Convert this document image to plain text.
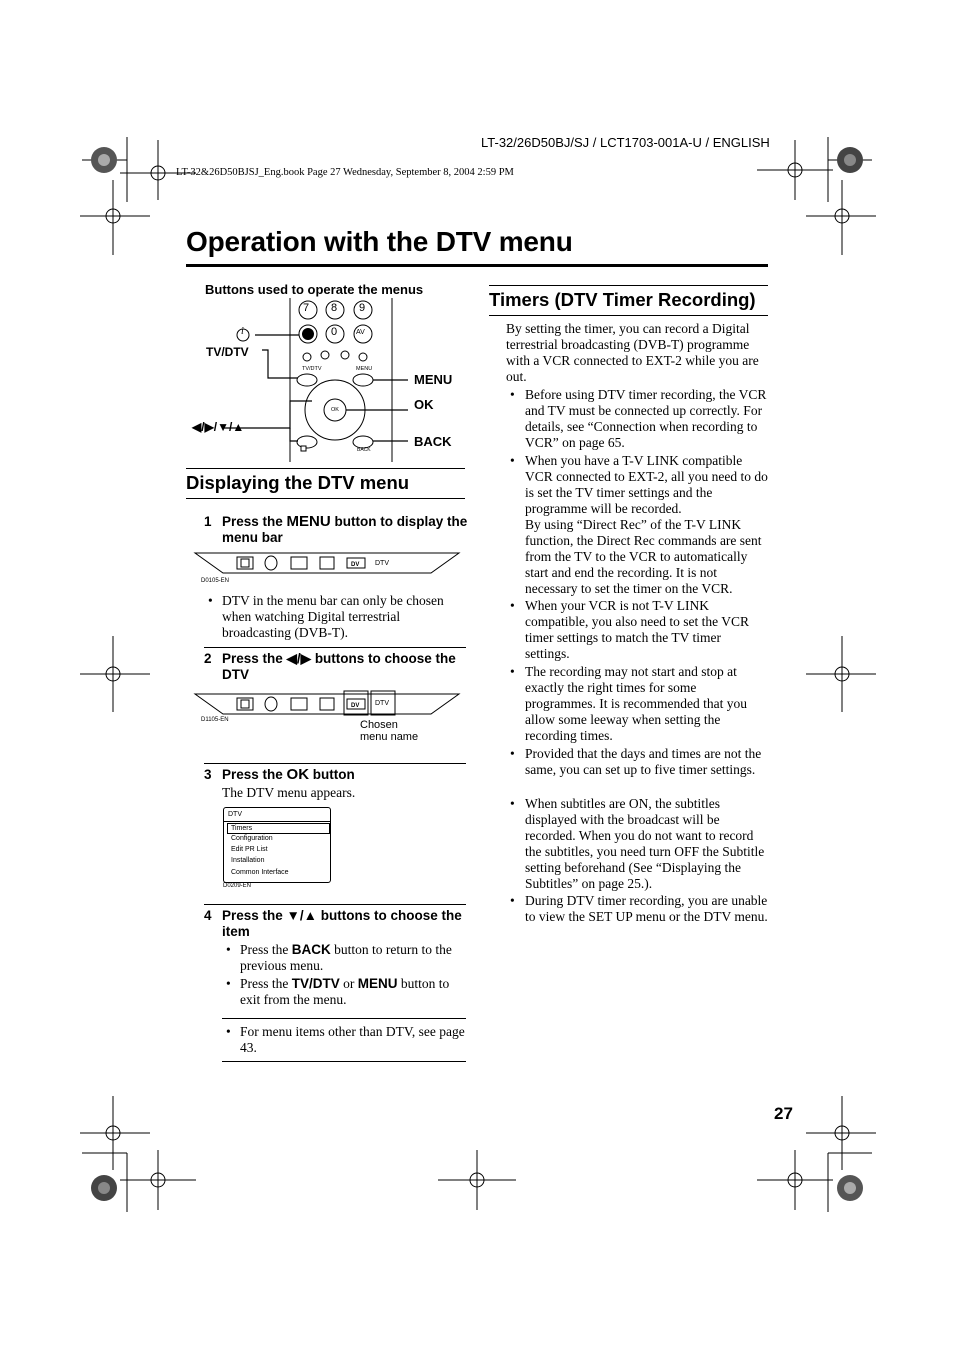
LT-32/26D50BJ/SJ / LCT1703-001A-U / ENGLISH
LT-32&26D50BJSJ_Eng.book Page 27 Wednesday, September 8, 2004 2:59 PM
Operation with the DTV menu
Buttons used to operate the menus
TV/DTV	MENU
OK
BACK
7 8 9
0	AV
i
TV/DTV
MENU
OK
◀/▶/▼/▲
BACK
Displaying the DTV menu
1 Press the MENU button to display the menu bar
DV DTV
D0105-EN
• DTV in the menu bar can only be chosen when watching Digital terrestrial broadcasting (DVB-T).
2 Press the ◀/▶ buttons to choose the DTV
DV DTV
D1105-EN	Chosen
menu name
3 Press the OK button
The DTV menu appears.
DTV
Timers
Configuration
Edit PR List
Installation
Common Interface
D0209-EN
4 Press the ▼/▲ buttons to choose the item
• Press the BACK button to return to the previous menu.
• Press the TV/DTV or MENU button to exit from the menu.
• For menu items other than DTV, see page 43.
Timers (DTV Timer Recording)
By setting the timer, you can record a Digital terrestrial broadcasting (DVB-T) programme with a VCR connected to EXT-2 while you are out.
• Before using DTV timer recording, the VCR and TV must be connected up correctly. For details, see “Connection when recording to VCR” on page 65.
• When you have a T-V LINK compatible VCR connected to EXT-2, all you need to do is set the TV timer settings and the programme will be recorded.
By using “Direct Rec” of the T-V LINK function, the Direct Rec commands are sent from the TV to the VCR to automatically start and end the recording. It is not necessary to set the timer on the VCR.
• When your VCR is not T-V LINK compatible, you also need to set the VCR timer settings to match the TV timer settings.
• The recording may not start and stop at exactly the right times for some programmes. It is recommended that you allow some leeway when setting the recording times.
• Provided that the days and times are not the same, you can set up to five timer settings.
• When subtitles are ON, the subtitles displayed with the broadcast will be recorded. When you do not want to record the subtitles, you need turn OFF the Subtitle setting beforehand (See “Displaying the Subtitles” on page 25.).
• During DTV timer recording, you are unable to view the SET UP menu or the DTV menu.
27
